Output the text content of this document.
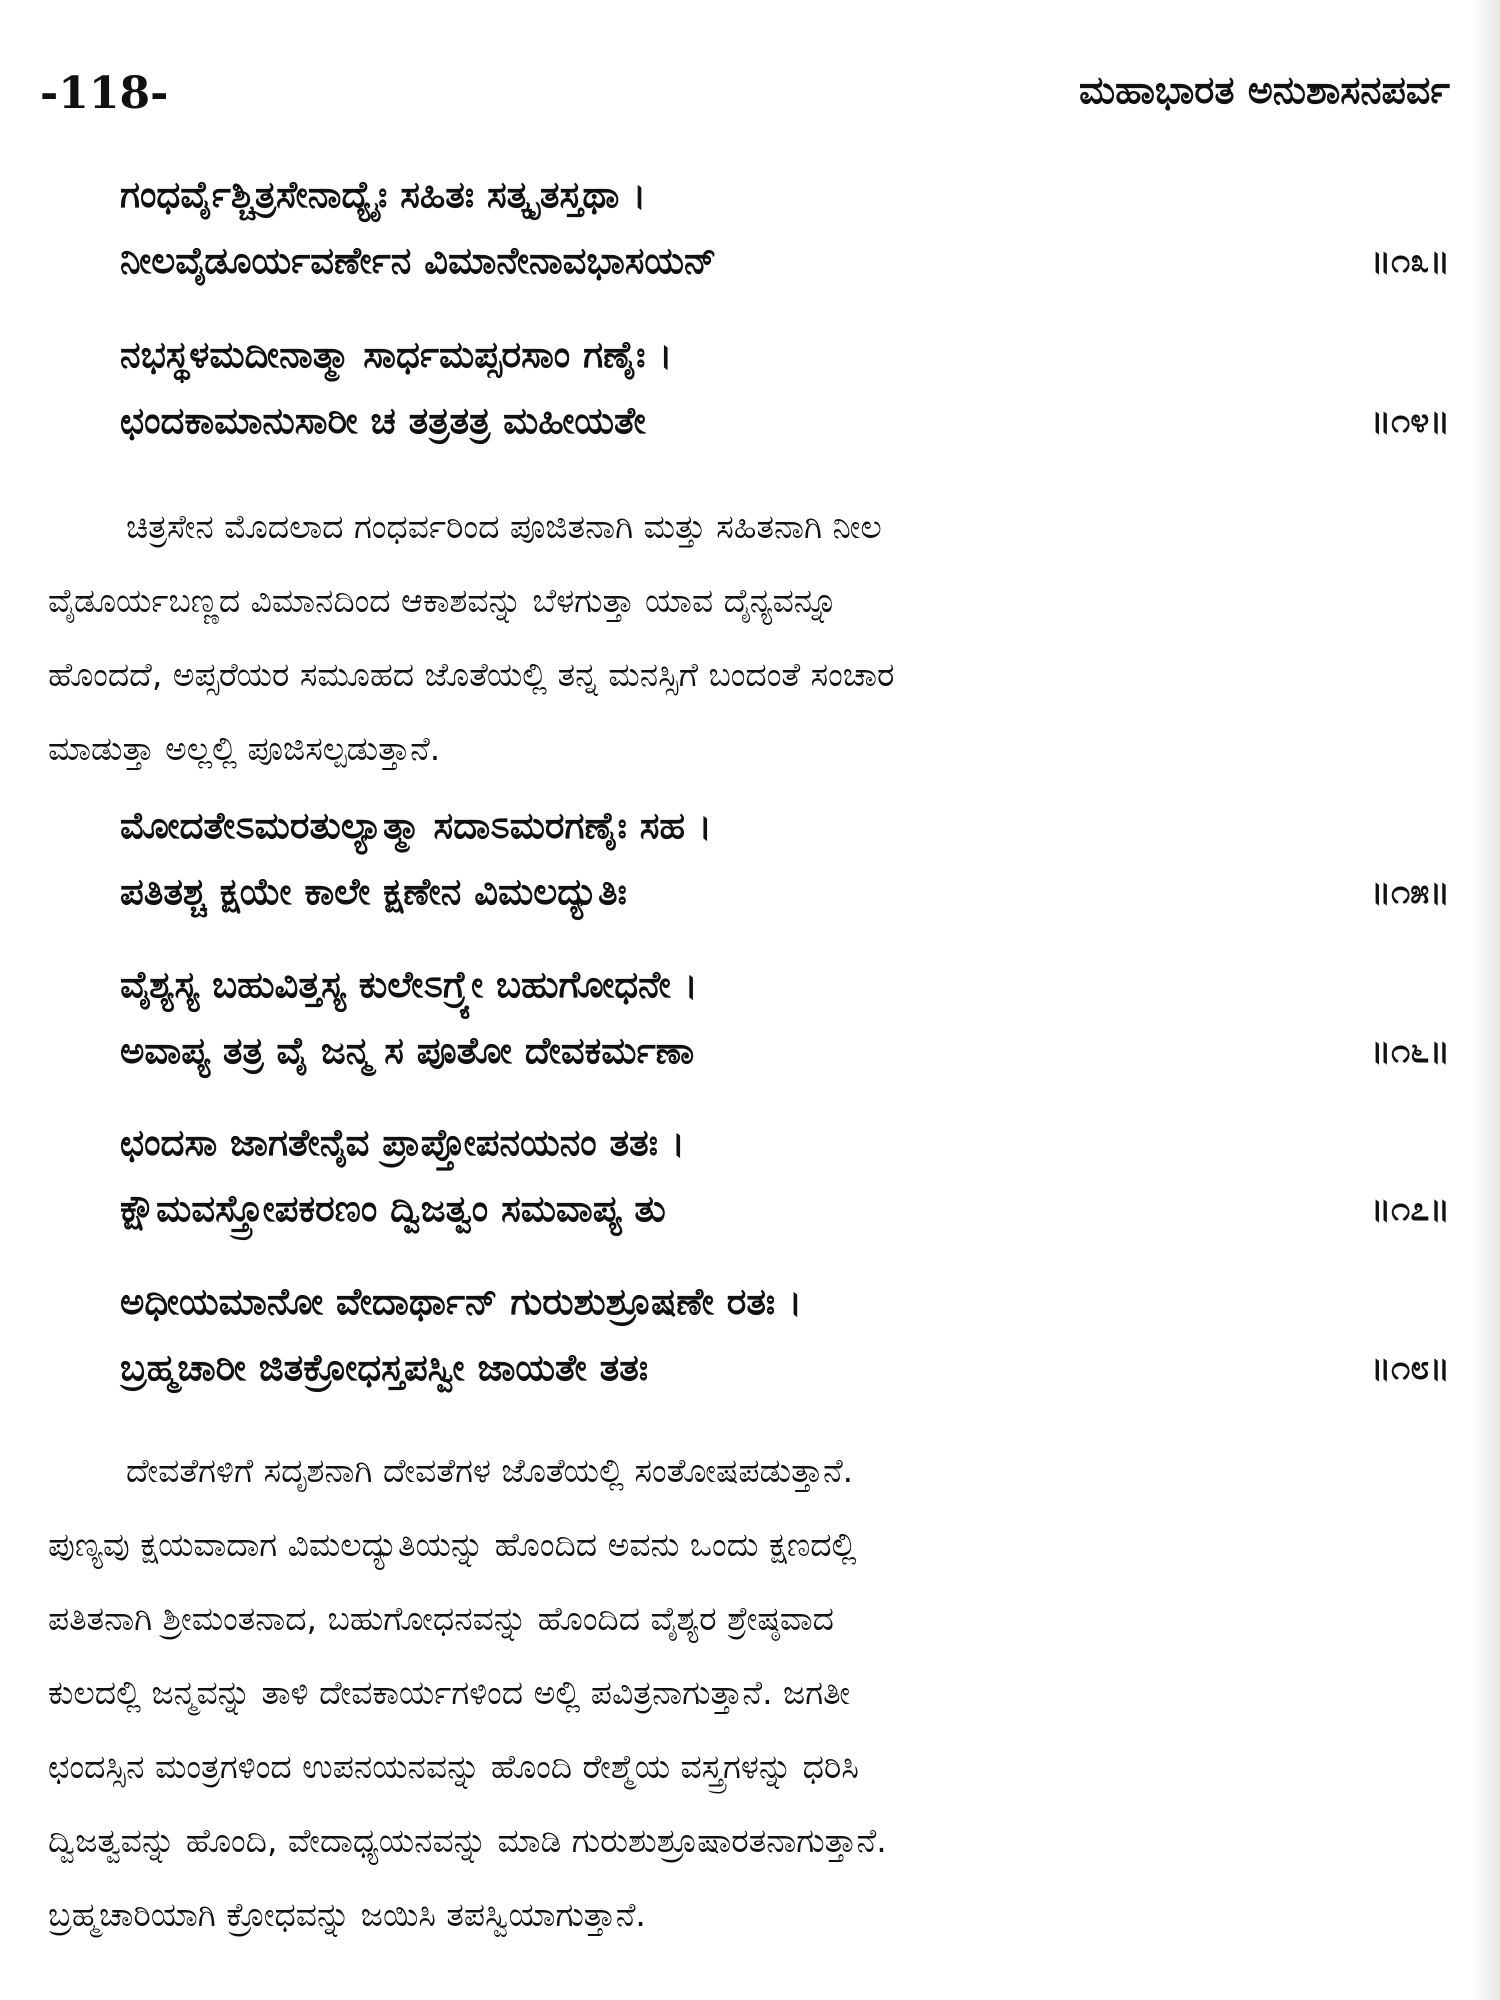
-118-	ಮಹಾಭಾರತ ಅನುಶಾಸನಪರ್ವ
ಗಂಧರ್ವೈಶ್ಚಿತ್ರಸೇನಾದ್ಯೈಃ ಸಹಿತಃ ಸತ್ಕೃತಸ್ತಥಾ ।
ನೀಲವೈಡೂರ್ಯವರ್ಣೇನ ವಿಮಾನೇನಾವಭಾಸಯನ್	॥೧೩॥
ನಭಸ್ಥಳಮದೀನಾತ್ಮಾ ಸಾರ್ಧಮಪ್ಸರಸಾಂ ಗಣೈಃ ।
ಛಂದಕಾಮಾನುಸಾರೀ ಚ ತತ್ರತತ್ರ ಮಹೀಯತೇ	॥೧೪॥
ಚಿತ್ರಸೇನ ಮೊದಲಾದ ಗಂಧರ್ವರಿಂದ ಪೂಜಿತನಾಗಿ ಮತ್ತು ಸಹಿತನಾಗಿ ನೀಲ
ವೈಡೂರ್ಯಬಣ್ಣದ ವಿಮಾನದಿಂದ ಆಕಾಶವನ್ನು ಬೆಳಗುತ್ತಾ ಯಾವ ದೈನ್ಯವನ್ನೂ
ಹೊಂದದೆ, ಅಪ್ಸರೆಯರ ಸಮೂಹದ ಜೊತೆಯಲ್ಲಿ ತನ್ನ ಮನಸ್ಸಿಗೆ ಬಂದಂತೆ ಸಂಚಾರ
ಮಾಡುತ್ತಾ ಅಲ್ಲಲ್ಲಿ ಪೂಜಿಸಲ್ಪಡುತ್ತಾನೆ.
ಮೋದತೇಽಮರತುಲ್ಯಾತ್ಮಾ ಸದಾಽಮರಗಣೈಃ ಸಹ ।
ಪತಿತಶ್ಚ ಕ್ಷಯೇ ಕಾಲೇ ಕ್ಷಣೇನ ವಿಮಲದ್ಯುತಿಃ	॥೧೫॥
ವೈಶ್ಯಸ್ಯ ಬಹುವಿತ್ತಸ್ಯ ಕುಲೇಽಗ್ರ್ಯೇ ಬಹುಗೋಧನೇ ।
ಅವಾಪ್ಯ ತತ್ರ ವೈ ಜನ್ಮ ಸ ಪೂತೋ ದೇವಕರ್ಮಣಾ	॥೧೬॥
ಛಂದಸಾ ಜಾಗತೇನೈವ ಪ್ರಾಪ್ತೋಪನಯನಂ ತತಃ ।
ಕ್ಷೌಮವಸ್ತ್ರೋಪಕರಣಂ ದ್ವಿಜತ್ವಂ ಸಮವಾಪ್ಯ ತು	॥೧೭॥
ಅಧೀಯಮಾನೋ ವೇದಾರ್ಥಾನ್ ಗುರುಶುಶ್ರೂಷಣೇ ರತಃ ।
ಬ್ರಹ್ಮಚಾರೀ ಜಿತಕ್ರೋಧಸ್ತಪಸ್ವೀ ಜಾಯತೇ ತತಃ	॥೧೮॥
ದೇವತೆಗಳಿಗೆ ಸದೃಶನಾಗಿ ದೇವತೆಗಳ ಜೊತೆಯಲ್ಲಿ ಸಂತೋಷಪಡುತ್ತಾನೆ.
ಪುಣ್ಯವು ಕ್ಷಯವಾದಾಗ ವಿಮಲದ್ಯುತಿಯನ್ನು ಹೊಂದಿದ ಅವನು ಒಂದು ಕ್ಷಣದಲ್ಲಿ
ಪತಿತನಾಗಿ ಶ್ರೀಮಂತನಾದ, ಬಹುಗೋಧನವನ್ನು ಹೊಂದಿದ ವೈಶ್ಯರ ಶ್ರೇಷ್ಠವಾದ
ಕುಲದಲ್ಲಿ ಜನ್ಮವನ್ನು ತಾಳಿ ದೇವಕಾರ್ಯಗಳಿಂದ ಅಲ್ಲಿ ಪವಿತ್ರನಾಗುತ್ತಾನೆ. ಜಗತೀ
ಛಂದಸ್ಸಿನ ಮಂತ್ರಗಳಿಂದ ಉಪನಯನವನ್ನು ಹೊಂದಿ ರೇಶ್ಮೆಯ ವಸ್ತ್ರಗಳನ್ನು ಧರಿಸಿ
ದ್ವಿಜತ್ವವನ್ನು ಹೊಂದಿ, ವೇದಾಧ್ಯಯನವನ್ನು ಮಾಡಿ ಗುರುಶುಶ್ರೂಷಾರತನಾಗುತ್ತಾನೆ.
ಬ್ರಹ್ಮಚಾರಿಯಾಗಿ ಕ್ರೋಧವನ್ನು ಜಯಿಸಿ ತಪಸ್ವಿಯಾಗುತ್ತಾನೆ.
